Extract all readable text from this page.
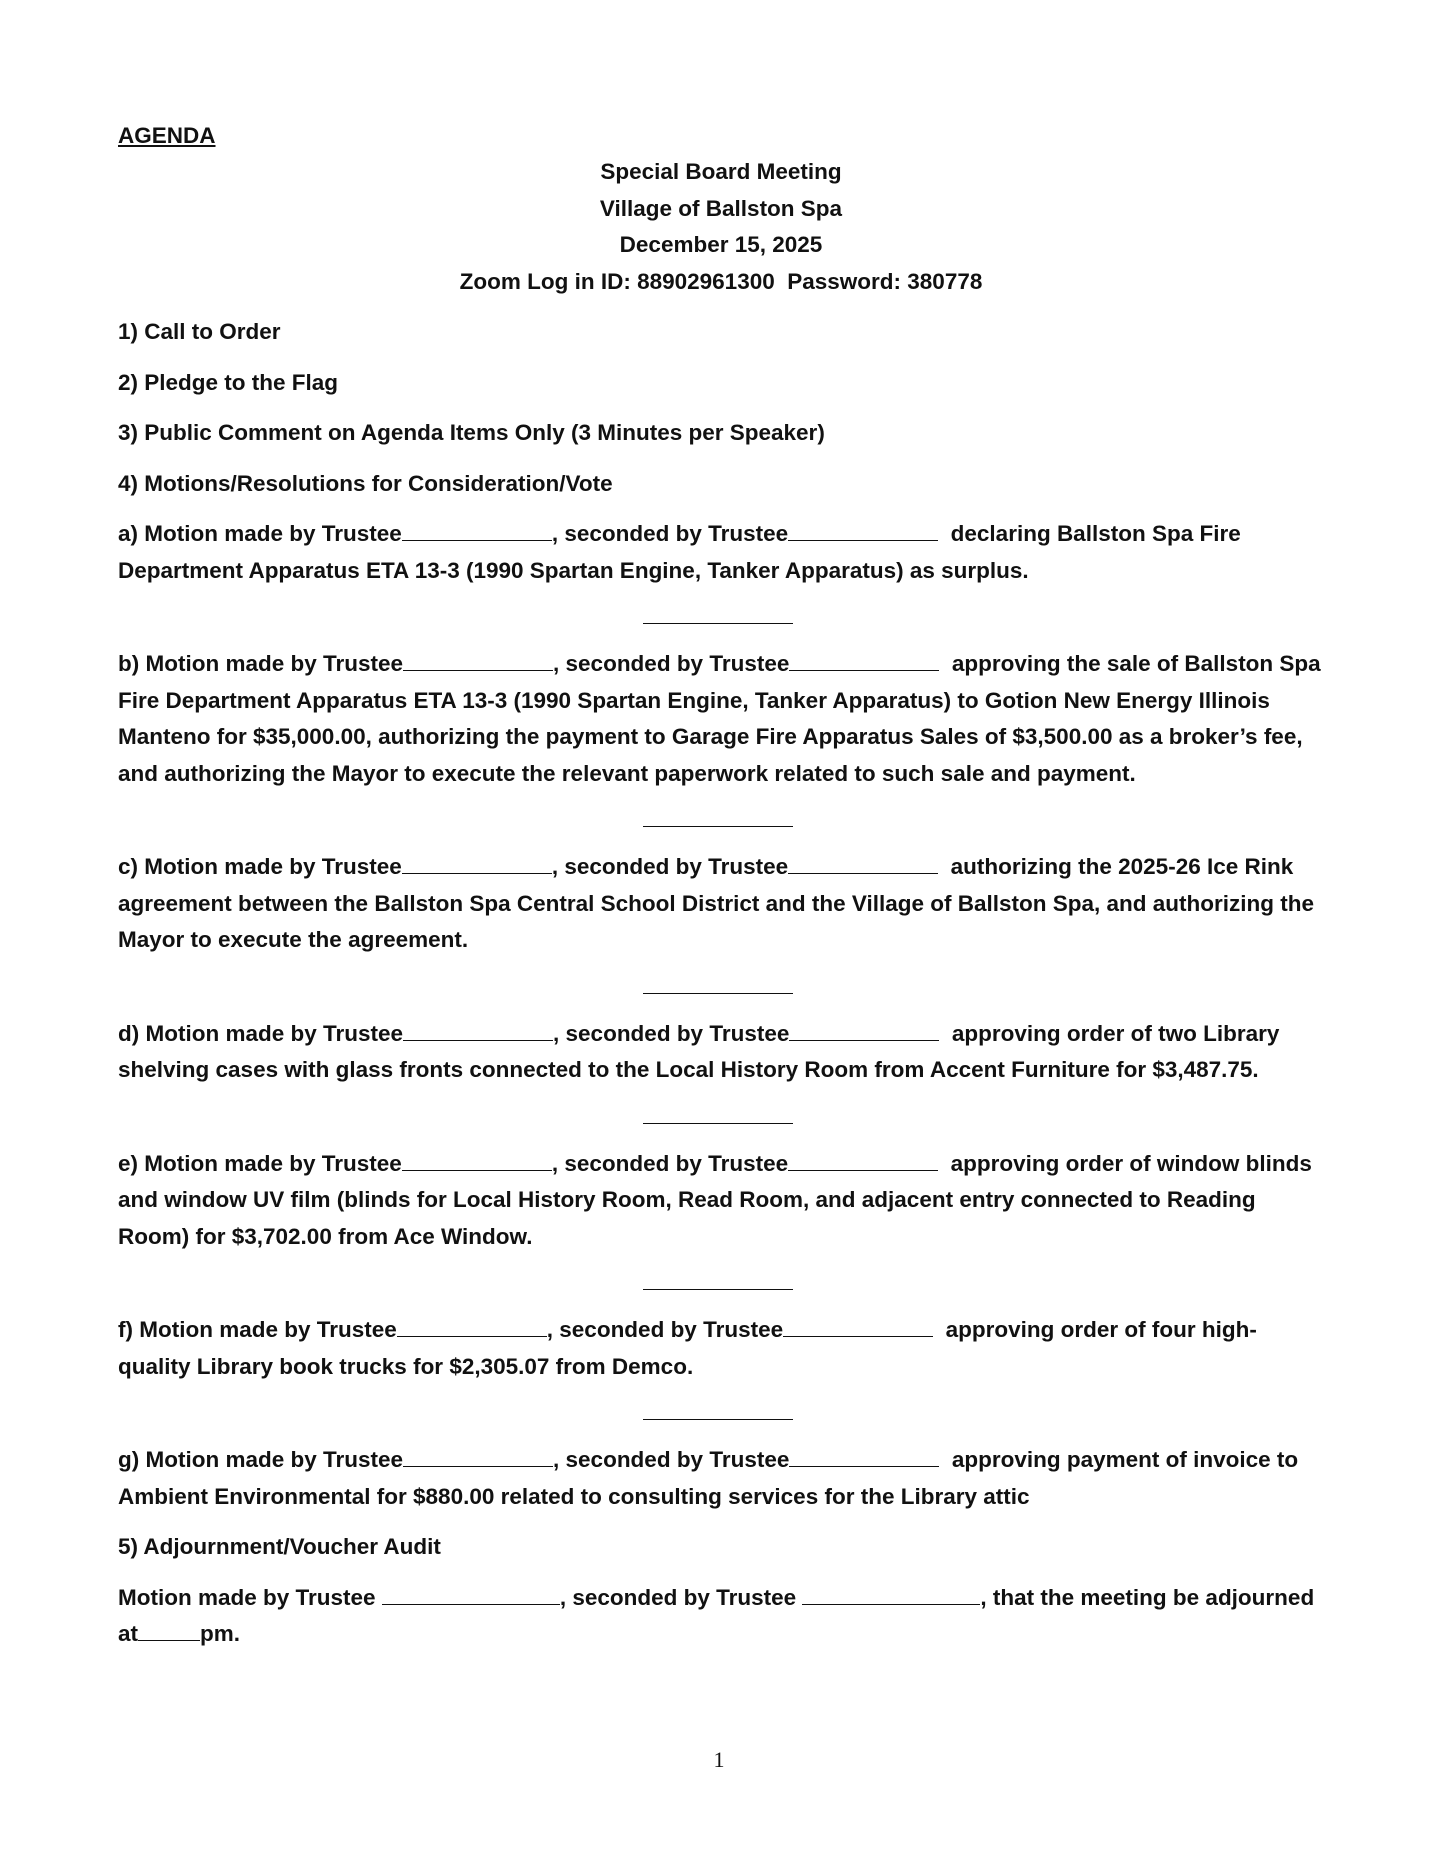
AGENDA
Special Board Meeting
Village of Ballston Spa
December 15, 2025
Zoom Log in ID: 88902961300  Password: 380778
1) Call to Order
2) Pledge to the Flag
3) Public Comment on Agenda Items Only (3 Minutes per Speaker)
4) Motions/Resolutions for Consideration/Vote
a) Motion made by Trustee	, seconded by Trustee	declaring Ballston Spa Fire Department Apparatus ETA 13-3 (1990 Spartan Engine, Tanker Apparatus) as surplus.
b) Motion made by Trustee	, seconded by Trustee	approving the sale of Ballston Spa Fire Department Apparatus ETA 13-3 (1990 Spartan Engine, Tanker Apparatus) to Gotion New Energy Illinois Manteno for $35,000.00, authorizing the payment to Garage Fire Apparatus Sales of $3,500.00 as a broker’s fee, and authorizing the Mayor to execute the relevant paperwork related to such sale and payment.
c) Motion made by Trustee	, seconded by Trustee	authorizing the 2025-26 Ice Rink agreement between the Ballston Spa Central School District and the Village of Ballston Spa, and authorizing the Mayor to execute the agreement.
d) Motion made by Trustee	, seconded by Trustee	approving order of two Library shelving cases with glass fronts connected to the Local History Room from Accent Furniture for $3,487.75.
e) Motion made by Trustee	, seconded by Trustee	approving order of window blinds and window UV film (blinds for Local History Room, Read Room, and adjacent entry connected to Reading Room) for $3,702.00 from Ace Window.
f) Motion made by Trustee	, seconded by Trustee	approving order of four high-quality Library book trucks for $2,305.07 from Demco.
g) Motion made by Trustee	, seconded by Trustee	approving payment of invoice to Ambient Environmental for $880.00 related to consulting services for the Library attic
5) Adjournment/Voucher Audit
Motion made by Trustee	, seconded by Trustee	, that the meeting be adjourned at	pm.
1
